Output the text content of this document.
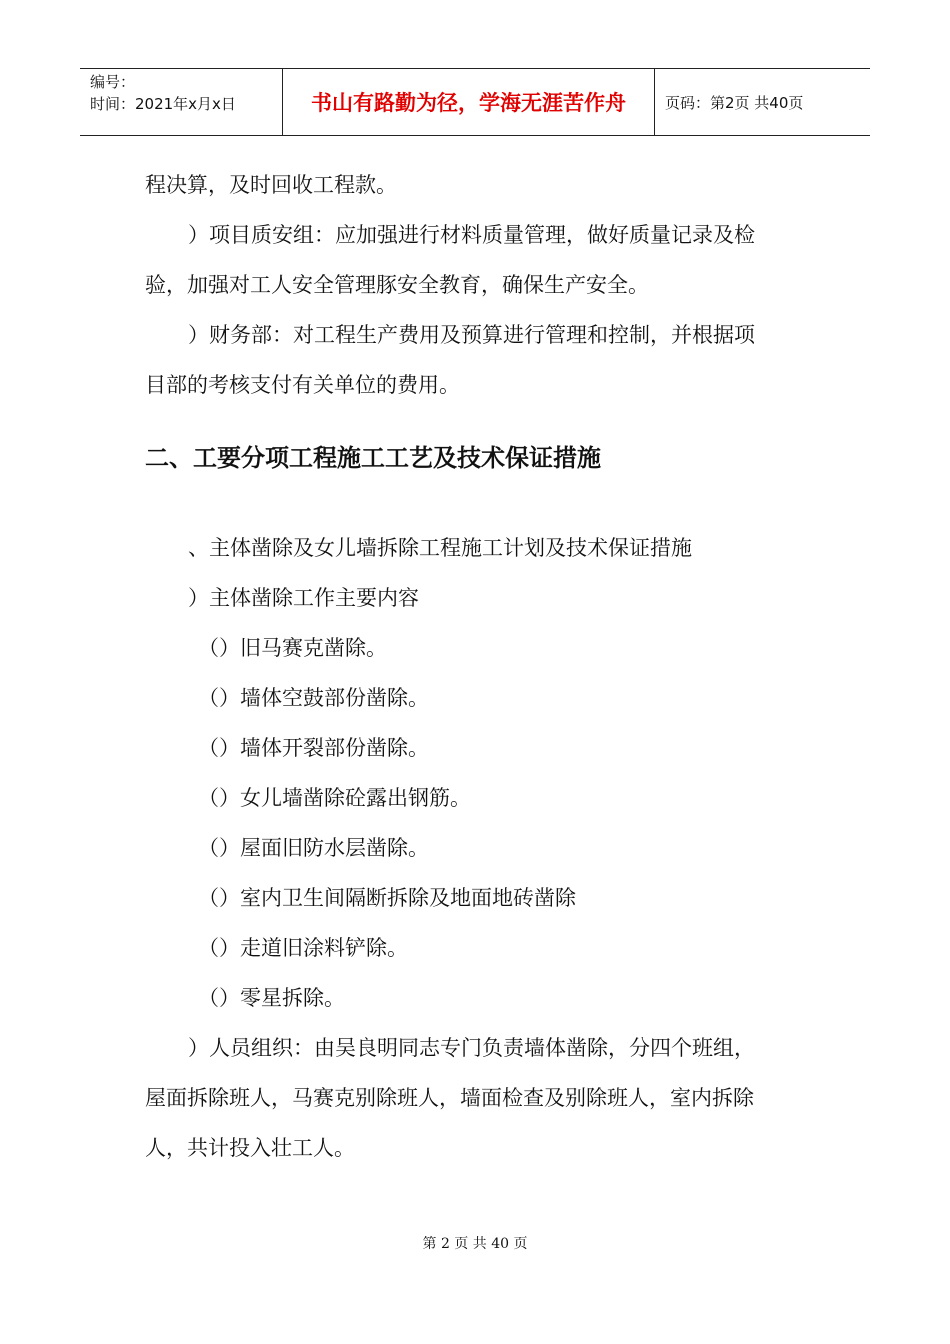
编号：
时间：2021年x月x日	书山有路勤为径，学海无涯苦作舟	页码：第2页 共40页

程决算，及时回收工程款。

）项目质安组：应加强进行材料质量管理，做好质量记录及检

验，加强对工人安全管理豚安全教育，确保生产安全。

）财务部：对工程生产费用及预算进行管理和控制，并根据项

目部的考核支付有关单位的费用。

二、工要分项工程施工工艺及技术保证措施

、主体凿除及女儿墙拆除工程施工计划及技术保证措施

）主体凿除工作主要内容

（）旧马赛克凿除。

（）墙体空鼓部份凿除。

（）墙体开裂部份凿除。

（）女儿墙凿除砼露出钢筋。

（）屋面旧防水层凿除。

（）室内卫生间隔断拆除及地面地砖凿除

（）走道旧涂料铲除。

（）零星拆除。

）人员组织：由吴良明同志专门负责墙体凿除，分四个班组，

屋面拆除班人，马赛克别除班人，墙面检查及别除班人，室内拆除

人，共计投入壮工人。

第 2 页 共 40 页
